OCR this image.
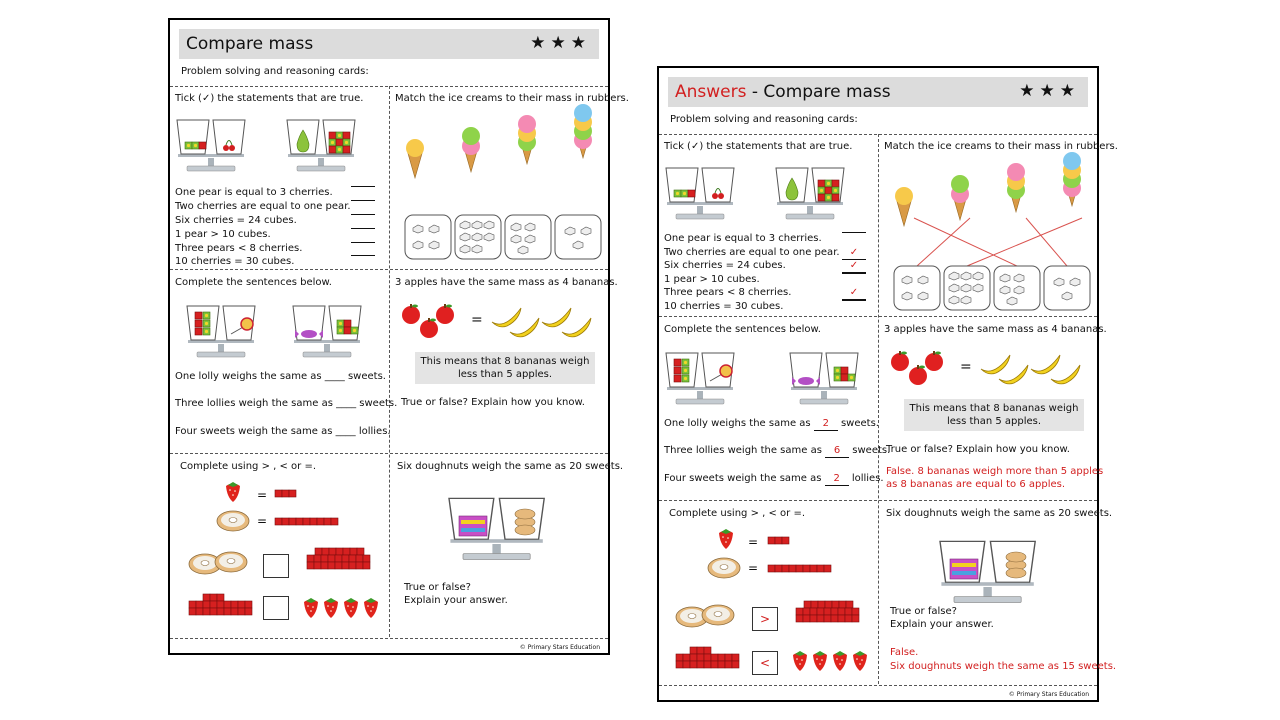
Compare mass	★★★
Problem solving and reasoning cards:
Tick (✓) the statements that are true.
One pear is equal to 3 cherries.
Two cherries are equal to one pear.
Six cherries = 24 cubes.
1 pear > 10 cubes.
Three pears < 8 cherries.
10 cherries = 30 cubes.
Match the ice creams to their mass in rubbers.
Complete the sentences below.
One lolly weighs the same as ____ sweets.
Three lollies weigh the same as ____ sweets.
Four sweets weigh the same as ____ lollies.
3 apples have the same mass as 4 bananas.
=
This means that 8 bananas weigh
less than 5 apples.
True or false? Explain how you know.
Complete using > , < or =.
=
=
Six doughnuts weigh the same as 20 sweets.
True or false?
Explain your answer.
© Primary Stars Education
Answers - Compare mass	★★★
Problem solving and reasoning cards:
Tick (✓) the statements that are true.
One pear is equal to 3 cherries.
Two cherries are equal to one pear.
Six cherries = 24 cubes.
1 pear > 10 cubes.
Three pears < 8 cherries.
10 cherries = 30 cubes.
✓
✓
✓
Match the ice creams to their mass in rubbers.
Complete the sentences below.
One lolly weighs the same as 2 sweets.
Three lollies weigh the same as 6 sweets.
Four sweets weigh the same as 2 lollies.
3 apples have the same mass as 4 bananas.
=
This means that 8 bananas weigh
less than 5 apples.
True or false? Explain how you know.
False. 8 bananas weigh more than 5 apples
as 8 bananas are equal to 6 apples.
Complete using > , < or =.
=
=
>
<
Six doughnuts weigh the same as 20 sweets.
True or false?
Explain your answer.
False.
Six doughnuts weigh the same as 15 sweets.
© Primary Stars Education
